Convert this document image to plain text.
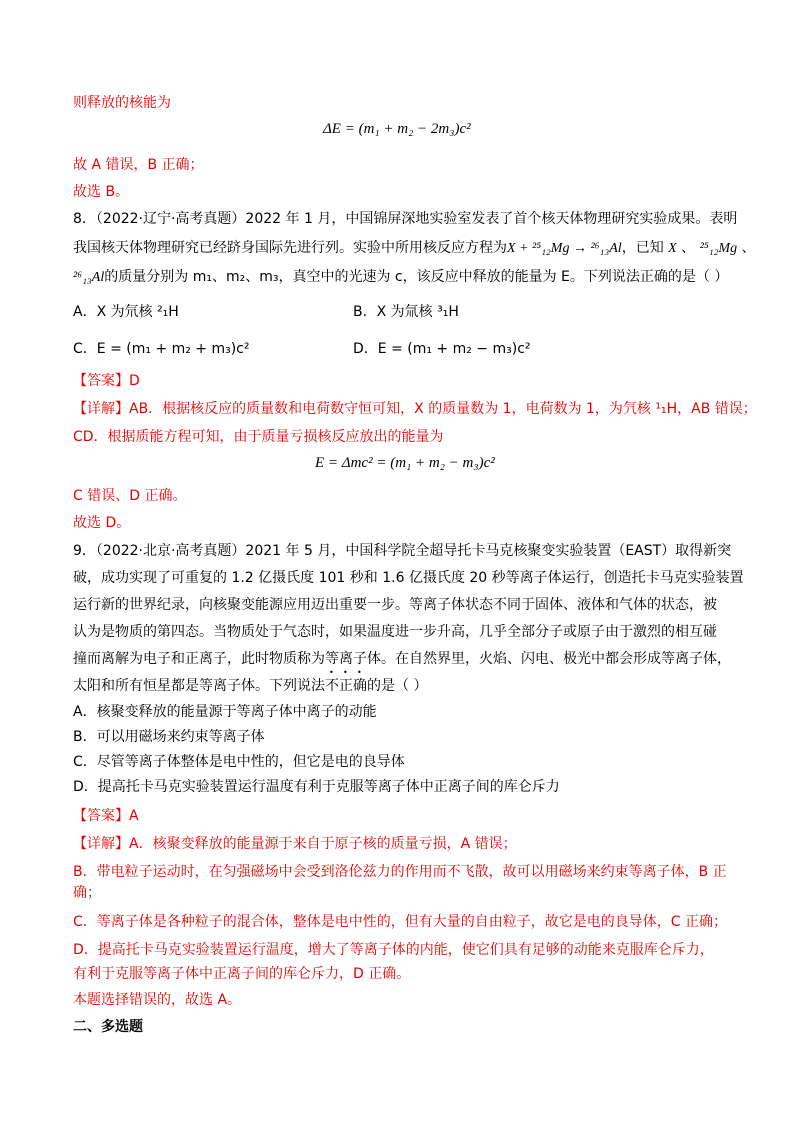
则释放的核能为
ΔE = (m₁ + m₂ − 2m₃)c²
故 A 错误，B 正确；
故选 B。
8．（2022·辽宁·高考真题）2022 年 1 月，中国锦屏深地实验室发表了首个核天体物理研究实验成果。表明
我国核天体物理研究已经跻身国际先进行列。实验中所用核反应方程为X + ²⁵₁₂Mg → ²⁶₁₃Al，已知 X 、 ²⁵₁₂Mg 、
²⁶₁₃Al的质量分别为 m₁、m₂、m₃，真空中的光速为 c，该反应中释放的能量为 E。下列说法正确的是（ ）
A．X 为氘核 ²₁H	B．X 为氚核 ³₁H
C．E = (m₁ + m₂ + m₃)c²	D．E = (m₁ + m₂ − m₃)c²
【答案】D
【详解】AB．根据核反应的质量数和电荷数守恒可知，X 的质量数为 1，电荷数为 1，为氕核 ¹₁H，AB 错误；
CD．根据质能方程可知，由于质量亏损核反应放出的能量为
E = Δmc² = (m₁ + m₂ − m₃)c²
C 错误、D 正确。
故选 D。
9．（2022·北京·高考真题）2021 年 5 月，中国科学院全超导托卡马克核聚变实验装置（EAST）取得新突
破，成功实现了可重复的 1.2 亿摄氏度 101 秒和 1.6 亿摄氏度 20 秒等离子体运行，创造托卡马克实验装置
运行新的世界纪录，向核聚变能源应用迈出重要一步。等离子体状态不同于固体、液体和气体的状态，被
认为是物质的第四态。当物质处于气态时，如果温度进一步升高，几乎全部分子或原子由于激烈的相互碰
撞而离解为电子和正离子，此时物质称为等离子体。在自然界里，火焰、闪电、极光中都会形成等离子体，
太阳和所有恒星都是等离子体。下列说法不正确的是（ ）
A．核聚变释放的能量源于等离子体中离子的动能
B．可以用磁场来约束等离子体
C．尽管等离子体整体是电中性的，但它是电的良导体
D．提高托卡马克实验装置运行温度有利于克服等离子体中正离子间的库仑斥力
【答案】A
【详解】A．核聚变释放的能量源于来自于原子核的质量亏损，A 错误；
B．带电粒子运动时，在匀强磁场中会受到洛伦兹力的作用而不飞散，故可以用磁场来约束等离子体，B 正
确；
C．等离子体是各种粒子的混合体，整体是电中性的，但有大量的自由粒子，故它是电的良导体，C 正确；
D．提高托卡马克实验装置运行温度，增大了等离子体的内能，使它们具有足够的动能来克服库仑斥力，
有利于克服等离子体中正离子间的库仑斥力，D 正确。
本题选择错误的，故选 A。
二、多选题
